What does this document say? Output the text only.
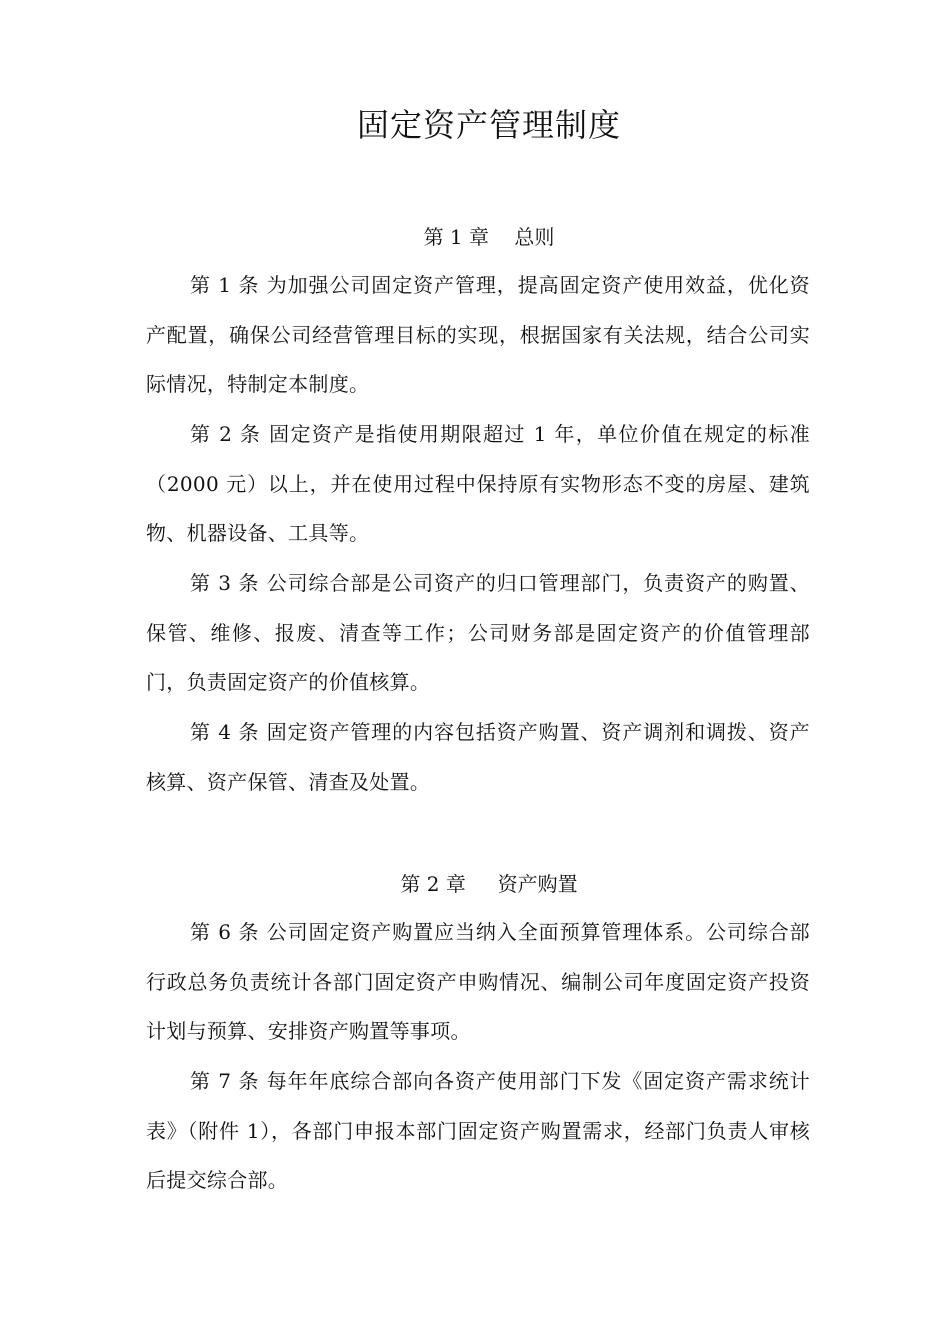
固定资产管理制度
第 1 章    总则

第 1 条 为加强公司固定资产管理，提高固定资产使用效益，优化资产配置，确保公司经营管理目标的实现，根据国家有关法规，结合公司实际情况，特制定本制度。

第 2 条 固定资产是指使用期限超过 1 年，单位价值在规定的标准（2000 元）以上，并在使用过程中保持原有实物形态不变的房屋、建筑物、机器设备、工具等。

第 3 条 公司综合部是公司资产的归口管理部门，负责资产的购置、保管、维修、报废、清查等工作；公司财务部是固定资产的价值管理部门，负责固定资产的价值核算。

第 4 条 固定资产管理的内容包括资产购置、资产调剂和调拨、资产核算、资产保管、清查及处置。

第 2 章     资产购置

第 6 条 公司固定资产购置应当纳入全面预算管理体系。公司综合部行政总务负责统计各部门固定资产申购情况、编制公司年度固定资产投资计划与预算、安排资产购置等事项。

第 7 条 每年年底综合部向各资产使用部门下发《固定资产需求统计表》（附件 1），各部门申报本部门固定资产购置需求，经部门负责人审核后提交综合部。
